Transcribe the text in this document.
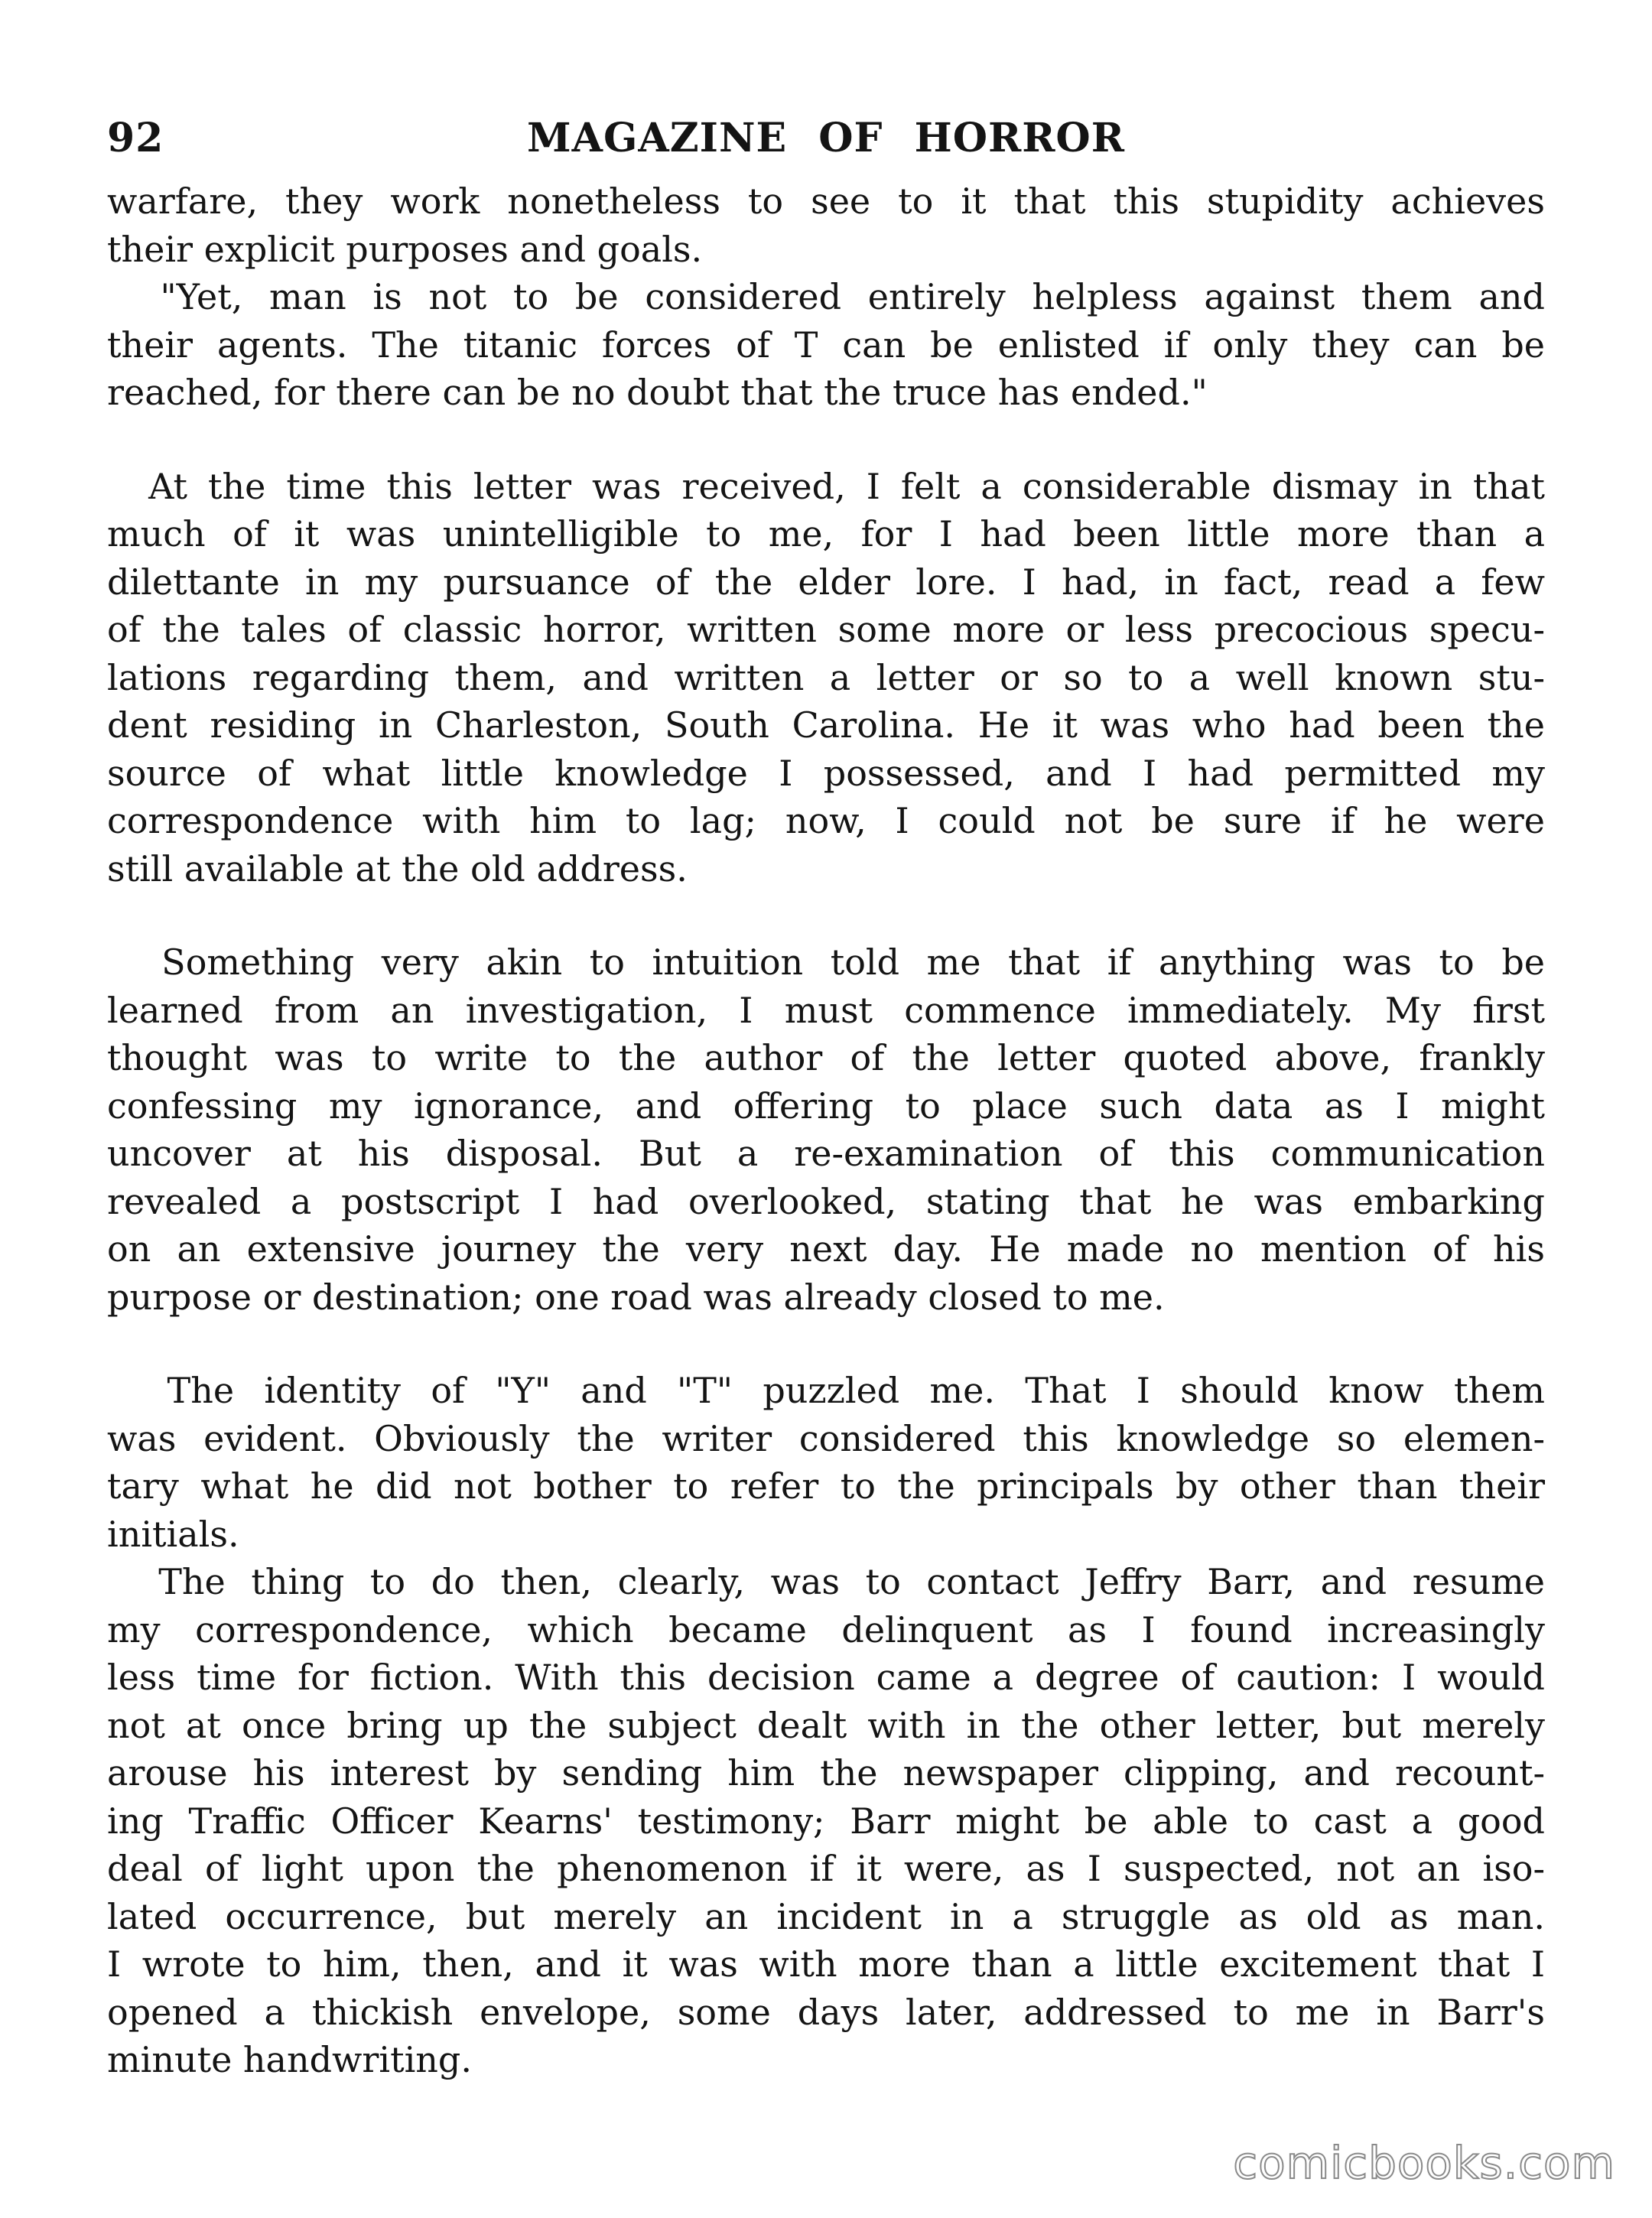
92	MAGAZINE OF HORROR

warfare, they work nonetheless to see to it that this stupidity achieves
their explicit purposes and goals.

"Yet, man is not to be considered entirely helpless against them and
their agents. The titanic forces of T can be enlisted if only they can be
reached, for there can be no doubt that the truce has ended."

At the time this letter was received, I felt a considerable dismay in that
much of it was unintelligible to me, for I had been little more than a
dilettante in my pursuance of the elder lore. I had, in fact, read a few
of the tales of classic horror, written some more or less precocious specu-
lations regarding them, and written a letter or so to a well known stu-
dent residing in Charleston, South Carolina. He it was who had been the
source of what little knowledge I possessed, and I had permitted my
correspondence with him to lag; now, I could not be sure if he were
still available at the old address.

Something very akin to intuition told me that if anything was to be
learned from an investigation, I must commence immediately. My first
thought was to write to the author of the letter quoted above, frankly
confessing my ignorance, and offering to place such data as I might
uncover at his disposal. But a re-examination of this communication
revealed a postscript I had overlooked, stating that he was embarking
on an extensive journey the very next day. He made no mention of his
purpose or destination; one road was already closed to me.

The identity of "Y" and "T" puzzled me. That I should know them
was evident. Obviously the writer considered this knowledge so elemen-
tary what he did not bother to refer to the principals by other than their
initials.

The thing to do then, clearly, was to contact Jeffry Barr, and resume
my correspondence, which became delinquent as I found increasingly
less time for fiction. With this decision came a degree of caution: I would
not at once bring up the subject dealt with in the other letter, but merely
arouse his interest by sending him the newspaper clipping, and recount-
ing Traffic Officer Kearns' testimony; Barr might be able to cast a good
deal of light upon the phenomenon if it were, as I suspected, not an iso-
lated occurrence, but merely an incident in a struggle as old as man.
I wrote to him, then, and it was with more than a little excitement that I
opened a thickish envelope, some days later, addressed to me in Barr's
minute handwriting.

comicbooks.com
